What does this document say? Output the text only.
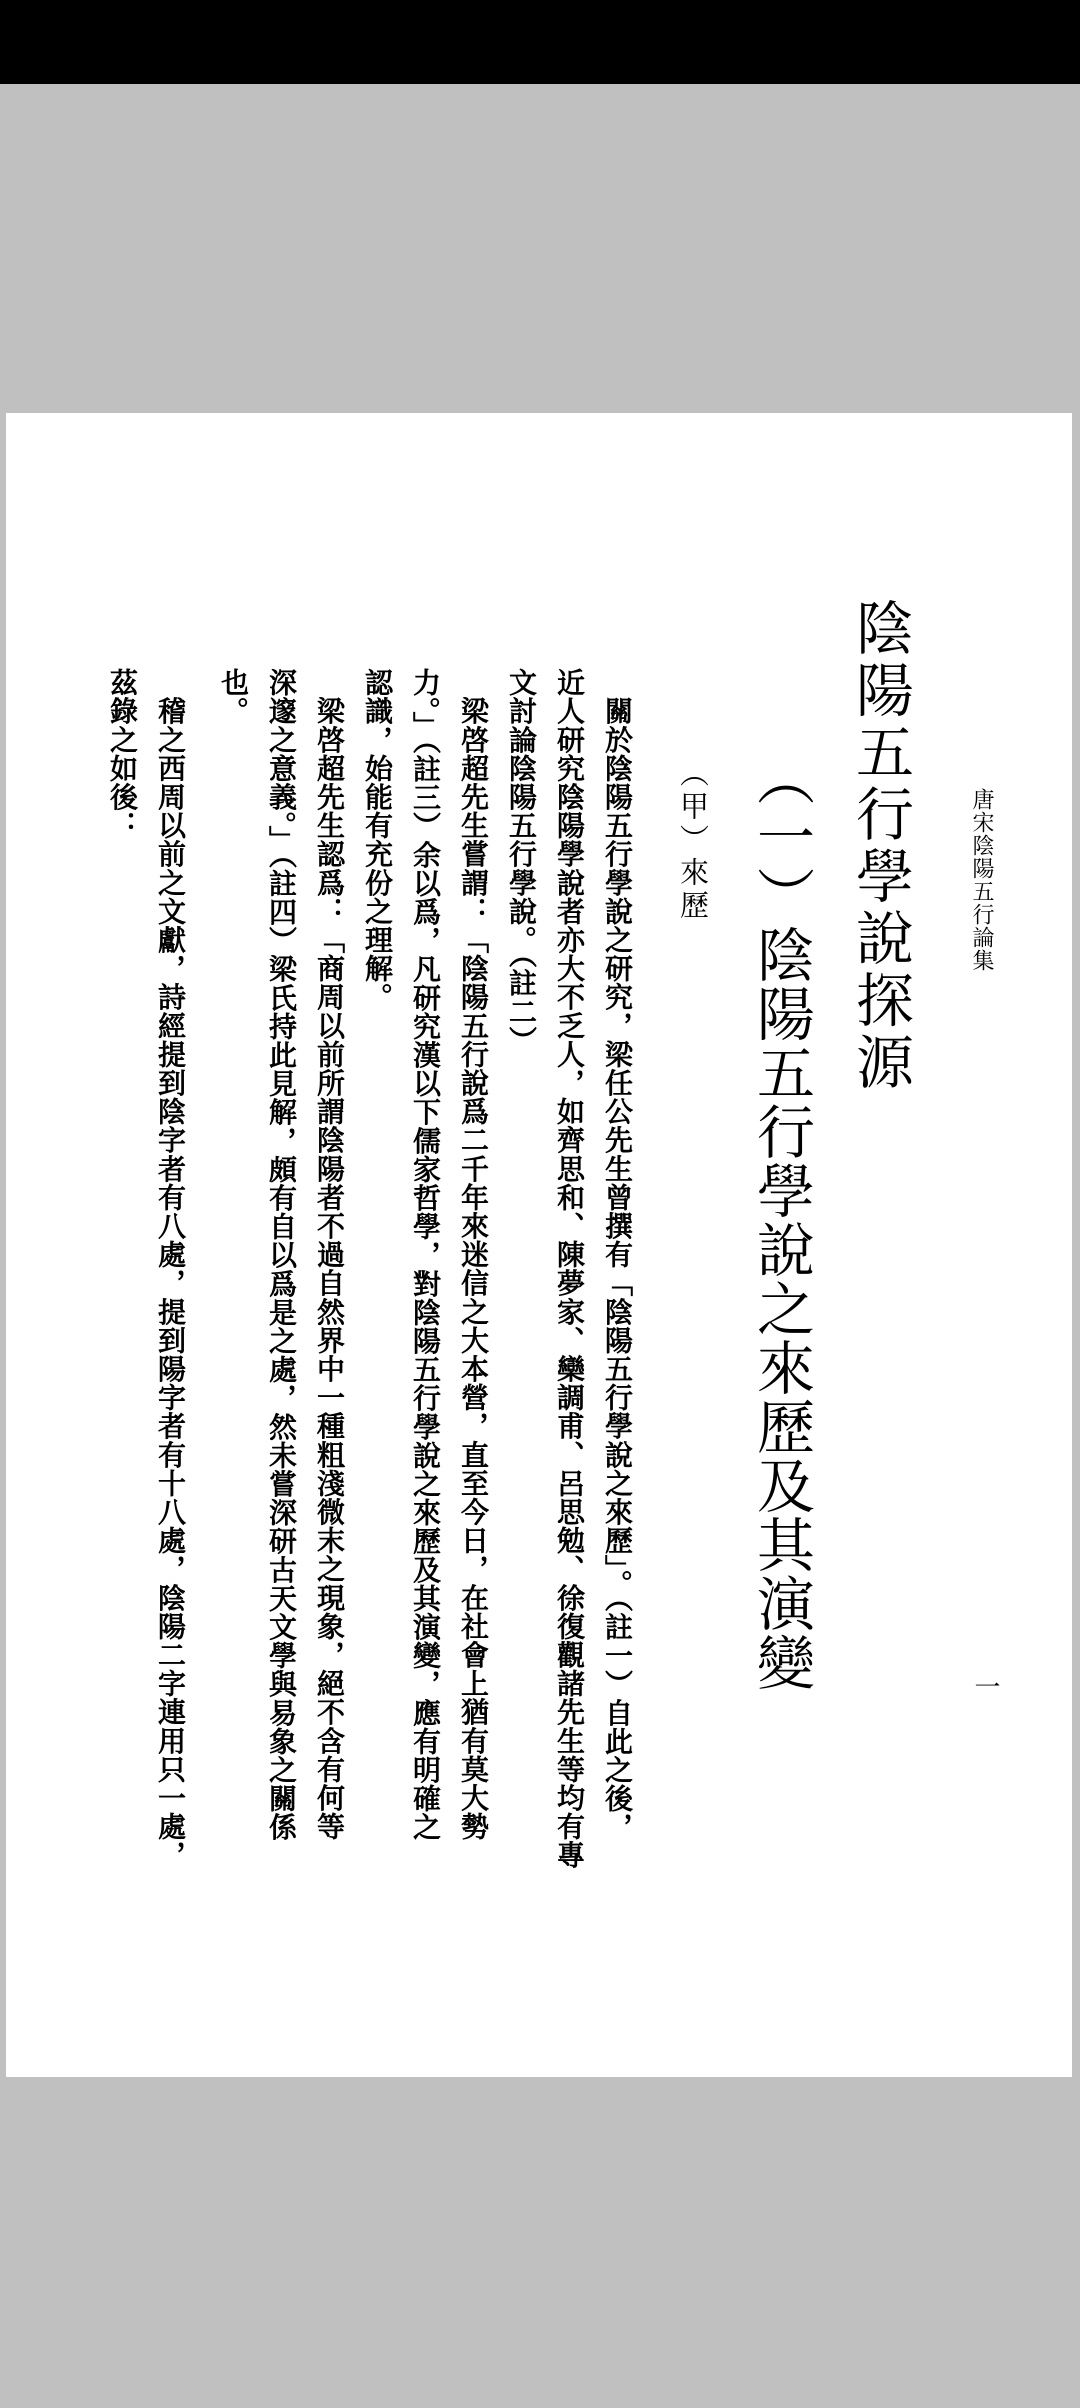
唐宋陰陽五行論集
一
陰陽五行學說探源
（一）陰陽五行學說之來歷及其演變
（甲）來歷
　關於陰陽五行學說之研究，梁任公先生曾撰有「陰陽五行學說之來歷」。（註一）自此之後，
近人研究陰陽學說者亦大不乏人，如齊思和、陳夢家、欒調甫、呂思勉、徐復觀諸先生等均有專
文討論陰陽五行學說。（註二）
　梁啓超先生嘗謂：「陰陽五行說爲二千年來迷信之大本營，直至今日，在社會上猶有莫大勢
力。」（註三）余以爲，凡研究漢以下儒家哲學，對陰陽五行學說之來歷及其演變，應有明確之
認識，始能有充份之理解。
　梁啓超先生認爲：「商周以前所謂陰陽者不過自然界中一種粗淺微末之現象，絕不含有何等
深邃之意義。」（註四）梁氏持此見解，頗有自以爲是之處，然未嘗深研古天文學與易象之關係
也。
　稽之西周以前之文獻，詩經提到陰字者有八處，提到陽字者有十八處，陰陽二字連用只一處，
茲錄之如後：
